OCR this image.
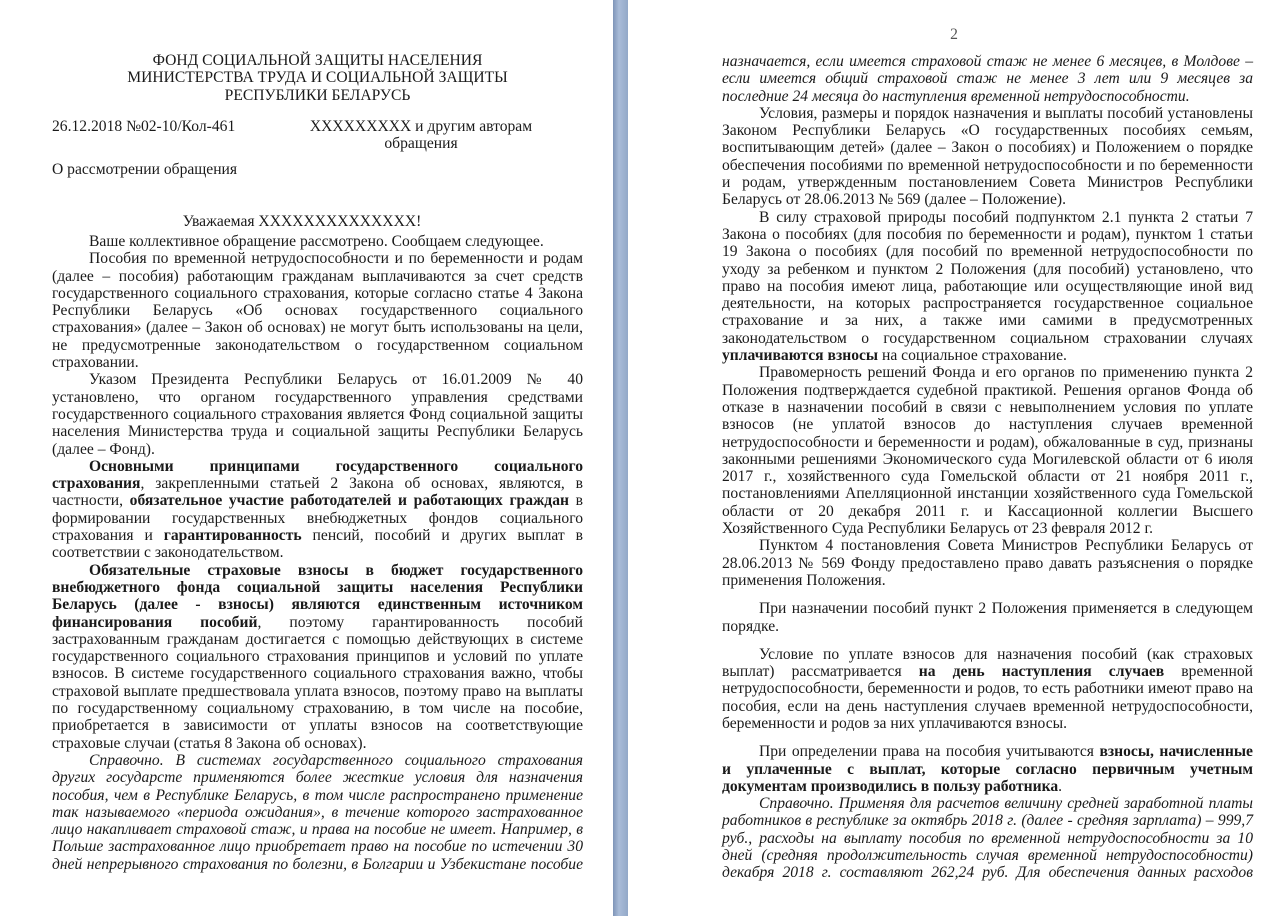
ФОНД СОЦИАЛЬНОЙ ЗАЩИТЫ НАСЕЛЕНИЯ
МИНИСТЕРСТВА ТРУДА И СОЦИАЛЬНОЙ ЗАЩИТЫ
РЕСПУБЛИКИ БЕЛАРУСЬ
26.12.2018 №02-10/Кол-461	XXXXXXXXX и другим авторам
обращения
О рассмотрении обращения
Уважаемая XXXXXXXXXXXXXX!

Ваше коллективное обращение рассмотрено. Сообщаем следующее.

Пособия по временной нетрудоспособности и по беременности и родам (далее – пособия) работающим гражданам выплачиваются за счет средств государственного социального страхования, которые согласно статье 4 Закона Республики Беларусь «Об основах государственного социального страхования» (далее – Закон об основах) не могут быть использованы на цели, не предусмотренные законодательством о государственном социальном страховании.

Указом Президента Республики Беларусь от 16.01.2009 № 40 установлено, что органом государственного управления средствами государственного социального страхования является Фонд социальной защиты населения Министерства труда и социальной защиты Республики Беларусь (далее – Фонд).

Основными принципами государственного социального страхования, закрепленными статьей 2 Закона об основах, являются, в частности, обязательное участие работодателей и работающих граждан в формировании государственных внебюджетных фондов социального страхования и гарантированность пенсий, пособий и других выплат в соответствии с законодательством.

Обязательные страховые взносы в бюджет государственного внебюджетного фонда социальной защиты населения Республики Беларусь (далее - взносы) являются единственным источником финансирования пособий, поэтому гарантированность пособий застрахованным гражданам достигается с помощью действующих в системе государственного социального страхования принципов и условий по уплате взносов. В системе государственного социального страхования важно, чтобы страховой выплате предшествовала уплата взносов, поэтому право на выплаты по государственному социальному страхованию, в том числе на пособие, приобретается в зависимости от уплаты взносов на соответствующие страховые случаи (статья 8 Закона об основах).

Справочно. В системах государственного социального страхования других государсте применяются более жесткие условия для назначения пособия, чем в Республике Беларусь, в том числе распространено применение так называемого «периода ожидания», в течение которого застрахованное лицо накапливает страховой стаж, и права на пособие не имеет. Например, в Польше застрахованное лицо приобретает право на пособие по истечении 30 дней непрерывного страхования по болезни, в Болгарии и Узбекистане пособие

2

назначается, если имеется страховой стаж не менее 6 месяцев, в Молдове – если имеется общий страховой стаж не менее 3 лет или 9 месяцев за последние 24 месяца до наступления временной нетрудоспособности.

Условия, размеры и порядок назначения и выплаты пособий установлены Законом Республики Беларусь «О государственных пособиях семьям, воспитывающим детей» (далее – Закон о пособиях) и Положением о порядке обеспечения пособиями по временной нетрудоспособности и по беременности и родам, утвержденным постановлением Совета Министров Республики Беларусь от 28.06.2013 № 569 (далее – Положение).

В силу страховой природы пособий подпунктом 2.1 пункта 2 статьи 7 Закона о пособиях (для пособия по беременности и родам), пунктом 1 статьи 19 Закона о пособиях (для пособий по временной нетрудоспособности по уходу за ребенком и пунктом 2 Положения (для пособий) установлено, что право на пособия имеют лица, работающие или осуществляющие иной вид деятельности, на которых распространяется государственное социальное страхование и за них, а также ими самими в предусмотренных законодательством о государственном социальном страховании случаях уплачиваются взносы на социальное страхование.

Правомерность решений Фонда и его органов по применению пункта 2 Положения подтверждается судебной практикой. Решения органов Фонда об отказе в назначении пособий в связи с невыполнением условия по уплате взносов (не уплатой взносов до наступления случаев временной нетрудоспособности и беременности и родам), обжалованные в суд, признаны законными решениями Экономического суда Могилевской области от 6 июля 2017 г., хозяйственного суда Гомельской области от 21 ноября 2011 г., постановлениями Апелляционной инстанции хозяйственного суда Гомельской области от 20 декабря 2011 г. и Кассационной коллегии Высшего Хозяйственного Суда Республики Беларусь от 23 февраля 2012 г.

Пунктом 4 постановления Совета Министров Республики Беларусь от 28.06.2013 № 569 Фонду предоставлено право давать разъяснения о порядке применения Положения.

При назначении пособий пункт 2 Положения применяется в следующем порядке.

Условие по уплате взносов для назначения пособий (как страховых выплат) рассматривается на день наступления случаев временной нетрудоспособности, беременности и родов, то есть работники имеют право на пособия, если на день наступления случаев временной нетрудоспособности, беременности и родов за них уплачиваются взносы.

При определении права на пособия учитываются взносы, начисленные и уплаченные с выплат, которые согласно первичным учетным документам производились в пользу работника.

Справочно. Применяя для расчетов величину средней заработной платы работников в республике за октябрь 2018 г. (далее - средняя зарплата) – 999,7 руб., расходы на выплату пособия по временной нетрудоспособности за 10 дней (средняя продолжительность случая временной нетрудоспособности) декабря 2018 г. составляют 262,24 руб. Для обеспечения данных расходов
